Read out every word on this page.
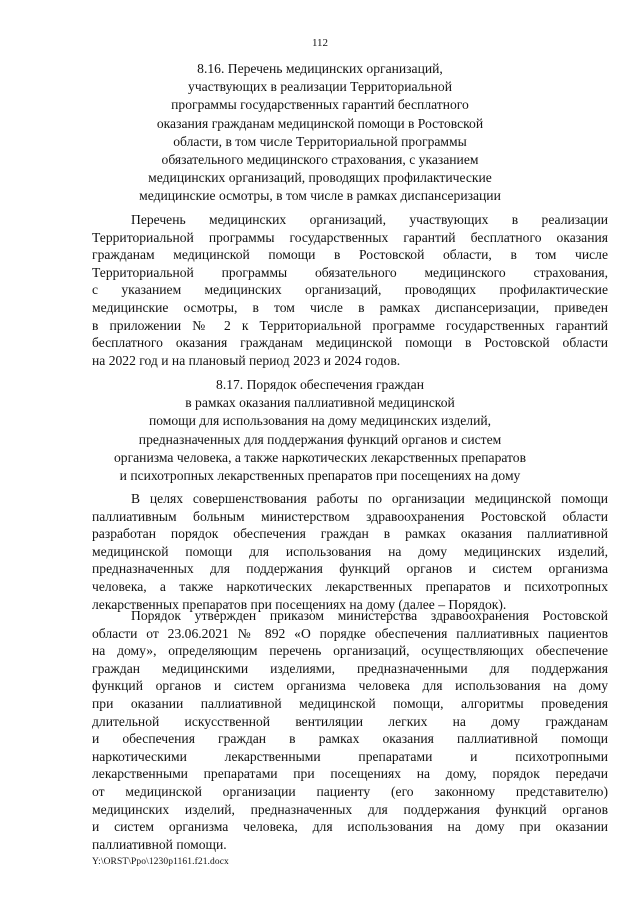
112
8.16. Перечень медицинских организаций,
участвующих в реализации Территориальной
программы государственных гарантий бесплатного
оказания гражданам медицинской помощи в Ростовской
области, в том числе Территориальной программы
обязательного медицинского страхования, с указанием
медицинских организаций, проводящих профилактические
медицинские осмотры, в том числе в рамках диспансеризации
Перечень медицинских организаций, участвующих в реализации
Территориальной программы государственных гарантий бесплатного оказания
гражданам медицинской помощи в Ростовской области, в том числе
Территориальной программы обязательного медицинского страхования,
с указанием медицинских организаций, проводящих профилактические
медицинские осмотры, в том числе в рамках диспансеризации, приведен
в приложении № 2 к Территориальной программе государственных гарантий
бесплатного оказания гражданам медицинской помощи в Ростовской области
на 2022 год и на плановый период 2023 и 2024 годов.
8.17. Порядок обеспечения граждан
в рамках оказания паллиативной медицинской
помощи для использования на дому медицинских изделий,
предназначенных для поддержания функций органов и систем
организма человека, а также наркотических лекарственных препаратов
и психотропных лекарственных препаратов при посещениях на дому
В целях совершенствования работы по организации медицинской помощи
паллиативным больным министерством здравоохранения Ростовской области
разработан порядок обеспечения граждан в рамках оказания паллиативной
медицинской помощи для использования на дому медицинских изделий,
предназначенных для поддержания функций органов и систем организма
человека, а также наркотических лекарственных препаратов и психотропных
лекарственных препаратов при посещениях на дому (далее – Порядок).
Порядок утвержден приказом министерства здравоохранения Ростовской
области от 23.06.2021 № 892 «О порядке обеспечения паллиативных пациентов
на дому», определяющим перечень организаций, осуществляющих обеспечение
граждан медицинскими изделиями, предназначенными для поддержания
функций органов и систем организма человека для использования на дому
при оказании паллиативной медицинской помощи, алгоритмы проведения
длительной искусственной вентиляции легких на дому гражданам
и обеспечения граждан в рамках оказания паллиативной помощи
наркотическими лекарственными препаратами и психотропными
лекарственными препаратами при посещениях на дому, порядок передачи
от медицинской организации пациенту (его законному представителю)
медицинских изделий, предназначенных для поддержания функций органов
и систем организма человека, для использования на дому при оказании
паллиативной помощи.
Y:\ORST\Ppo\1230p1161.f21.docx
